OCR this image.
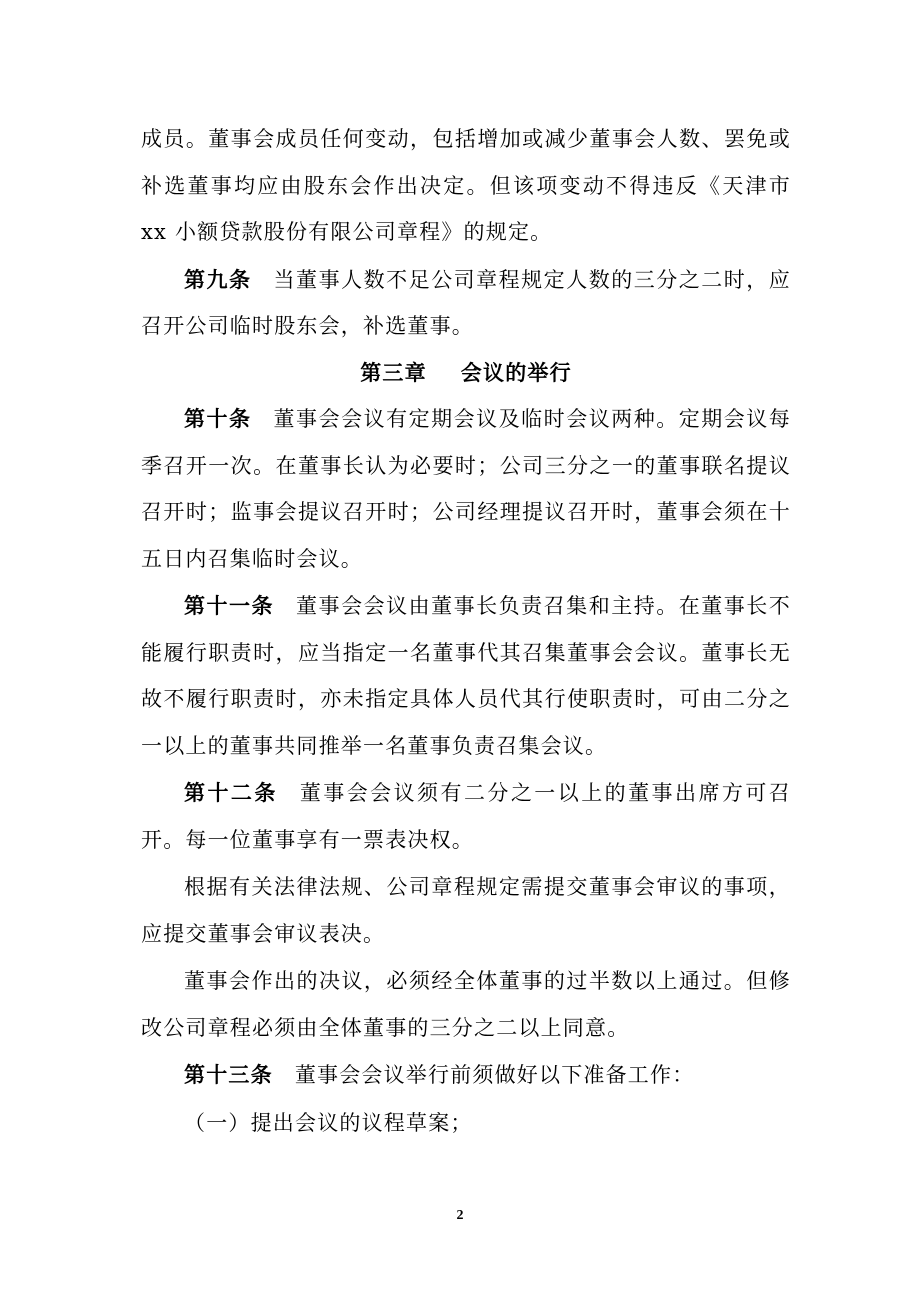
成员。董事会成员任何变动，包括增加或减少董事会人数、罢免或补选董事均应由股东会作出决定。但该项变动不得违反《天津市 xx 小额贷款股份有限公司章程》的规定。

第九条 当董事人数不足公司章程规定人数的三分之二时，应召开公司临时股东会，补选董事。

第三章 会议的举行

第十条 董事会会议有定期会议及临时会议两种。定期会议每季召开一次。在董事长认为必要时；公司三分之一的董事联名提议召开时；监事会提议召开时；公司经理提议召开时，董事会须在十五日内召集临时会议。

第十一条 董事会会议由董事长负责召集和主持。在董事长不能履行职责时，应当指定一名董事代其召集董事会会议。董事长无故不履行职责时，亦未指定具体人员代其行使职责时，可由二分之一以上的董事共同推举一名董事负责召集会议。

第十二条 董事会会议须有二分之一以上的董事出席方可召开。每一位董事享有一票表决权。

根据有关法律法规、公司章程规定需提交董事会审议的事项，应提交董事会审议表决。

董事会作出的决议，必须经全体董事的过半数以上通过。但修改公司章程必须由全体董事的三分之二以上同意。

第十三条 董事会会议举行前须做好以下准备工作：

（一）提出会议的议程草案；

2
